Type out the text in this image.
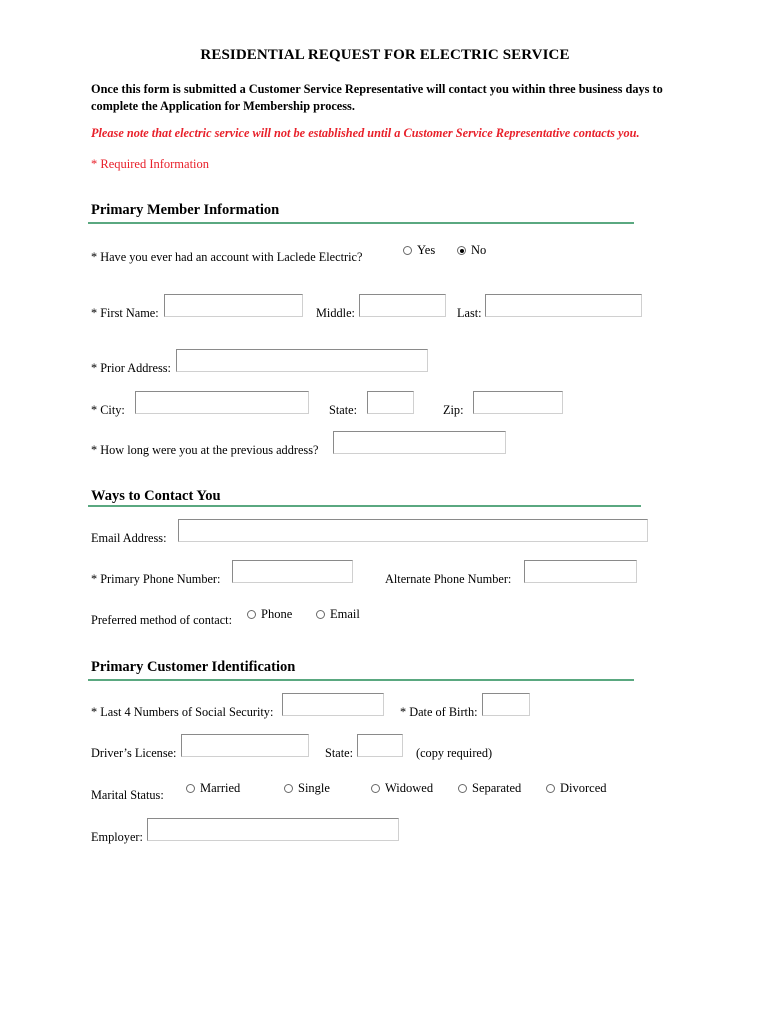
RESIDENTIAL REQUEST FOR ELECTRIC SERVICE
Once this form is submitted a Customer Service Representative will contact you within three business days to complete the Application for Membership process.
Please note that electric service will not be established until a Customer Service Representative contacts you.
* Required Information
Primary Member Information
* Have you ever had an account with Laclede Electric?	Yes	No
* First Name:	Middle:	Last:
* Prior Address:
* City:	State:	Zip:
* How long were you at the previous address?
Ways to Contact You
Email Address:
* Primary Phone Number:	Alternate Phone Number:
Preferred method of contact: Phone	Email
Primary Customer Identification
* Last 4 Numbers of Social Security:	* Date of Birth:
Driver’s License:	State:	(copy required)
Marital Status:	Married	Single	Widowed	Separated	Divorced
Employer:
